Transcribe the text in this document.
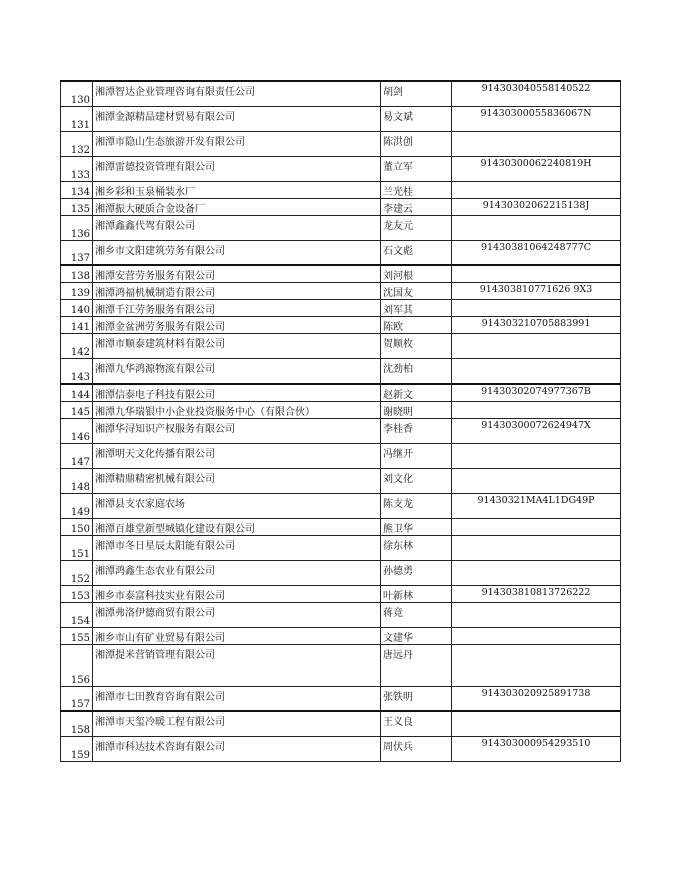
130	湘潭智达企业管理咨询有限责任公司	胡剑	914303040558140522
131	湘潭金源精品建材贸易有限公司	易文斌	91430300055836067N
132	湘潭市隐山生态旅游开发有限公司	陈洪创	
133	湘潭雷德投资管理有限公司	董立军	91430300062240819H
134	湘乡彩和玉泉桶装水厂	兰光桂	
135	湘潭振大硬质合金设备厂	李建云	91430302062215138J
136	湘潭鑫鑫代驾有限公司	龙友元	
137	湘乡市文阳建筑劳务有限公司	石文彪	91430381064248777C
138	湘潭安营劳务服务有限公司	刘河根	
139	湘潭鸿福机械制造有限公司	沈国友	914303810771626 9X3
140	湘潭千江劳务服务有限公司	刘军其	
141	湘潭金盆洲劳务服务有限公司	陈欧	914303210705883991
142	湘潭市顺泰建筑材料有限公司	贺顺枚	
143	湘潭九华鸿源物流有限公司	沈劲柏	
144	湘潭信泰电子科技有限公司	赵新文	91430302074977367B
145	湘潭九华瑞银中小企业投资服务中心（有限合伙）	谢晓明	
146	湘潭华浔知识产权服务有限公司	李桂香	91430300072624947X
147	湘潭明天文化传播有限公司	冯继开	
148	湘潭精鼎精密机械有限公司	刘文化	
149	湘潭县支农家庭农场	陈支龙	91430321MA4L1DG49P
150	湘潭百雄堂新型城镇化建设有限公司	熊卫华	
151	湘潭市冬日星辰太阳能有限公司	徐东林	
152	湘潭鸿鑫生态农业有限公司	孙德勇	
153	湘乡市泰富科技实业有限公司	叶新林	914303810813726222
154	湘潭弗洛伊德商贸有限公司	蒋竞	
155	湘乡市山有矿业贸易有限公司	文建华	
156	湘潭提米营销管理有限公司	唐远丹	
157	湘潭市七田教育咨询有限公司	张铁明	914303020925891738
158	湘潭市天玺冷暖工程有限公司	王义良	
159	湘潭市科达技术咨询有限公司	周伏兵	914303000954293510
